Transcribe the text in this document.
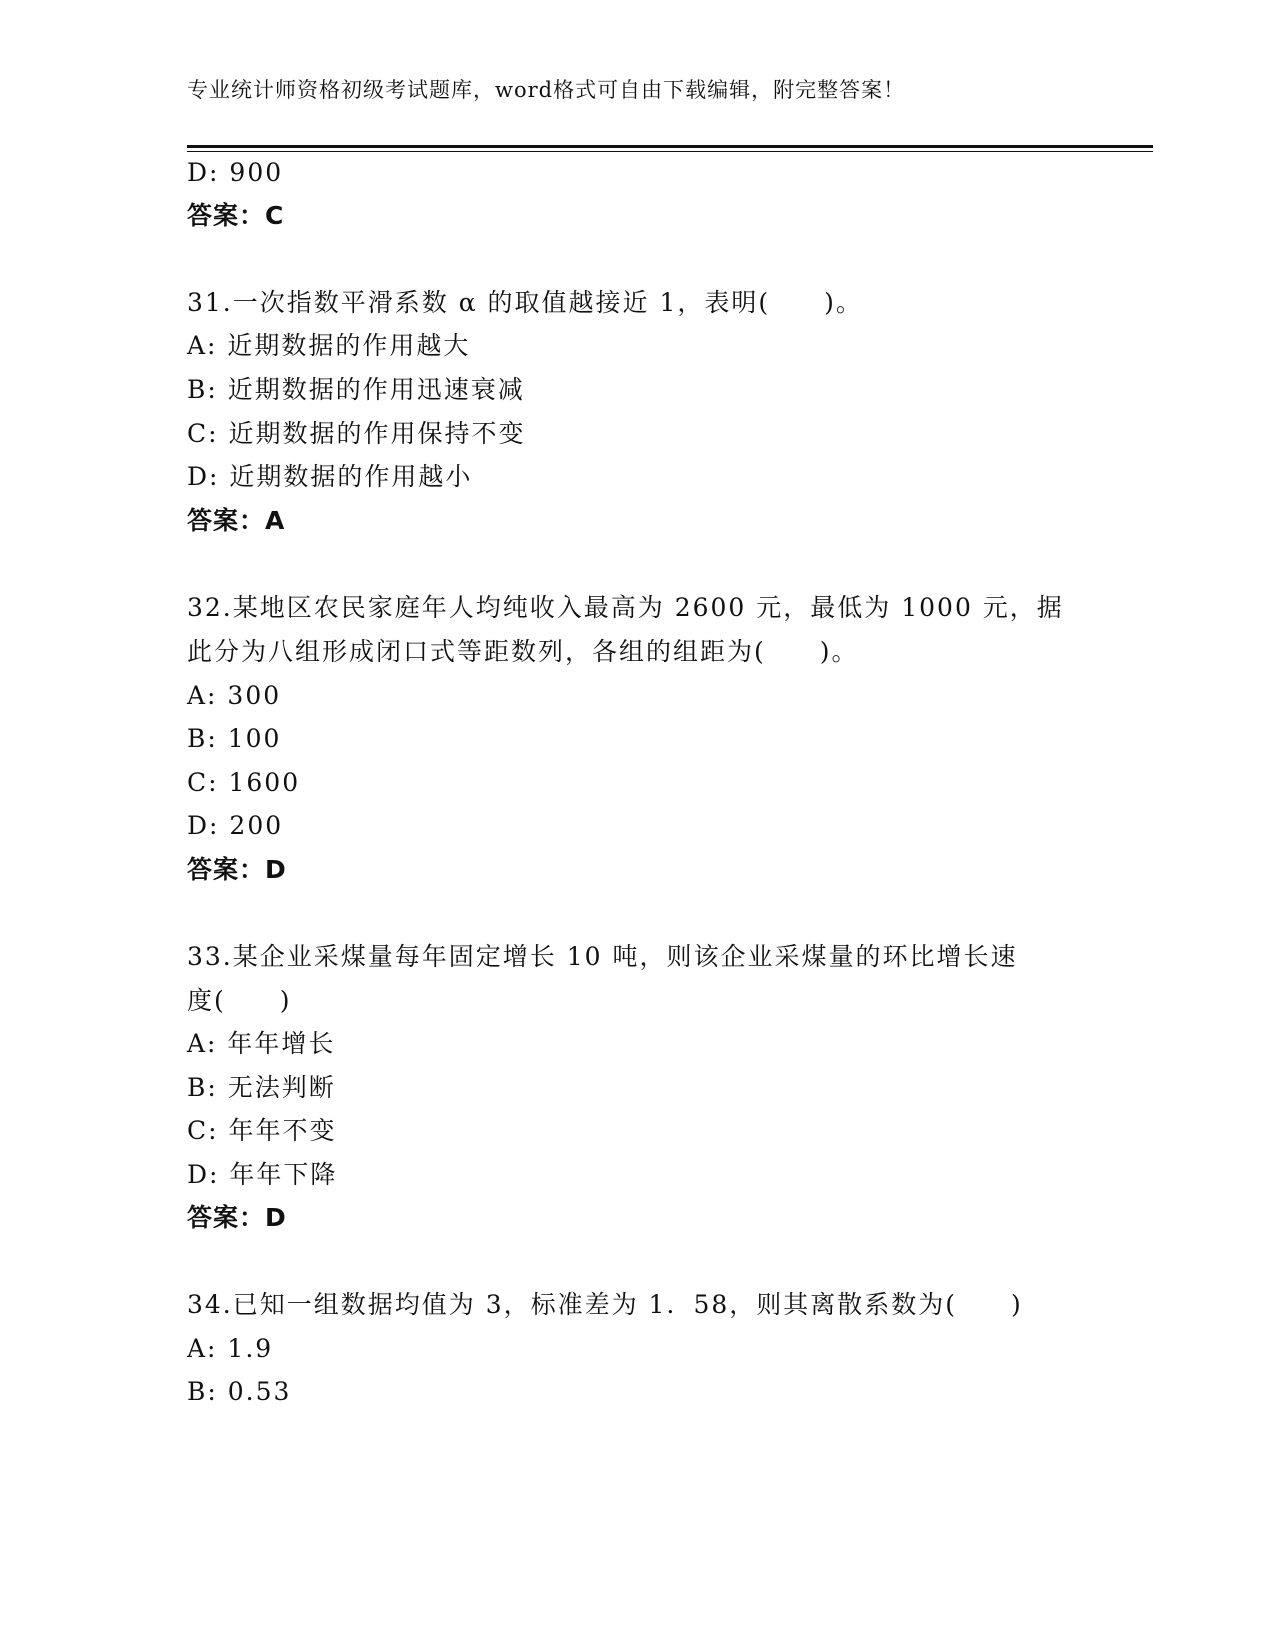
专业统计师资格初级考试题库，word格式可自由下载编辑，附完整答案！
D: 900
答案：C
31.一次指数平滑系数 α 的取值越接近 1，表明(　　)。
A: 近期数据的作用越大
B: 近期数据的作用迅速衰减
C: 近期数据的作用保持不变
D: 近期数据的作用越小
答案：A
32.某地区农民家庭年人均纯收入最高为 2600 元，最低为 1000 元，据
此分为八组形成闭口式等距数列，各组的组距为(　　)。
A: 300
B: 100
C: 1600
D: 200
答案：D
33.某企业采煤量每年固定增长 10 吨，则该企业采煤量的环比增长速
度(　　)
A: 年年增长
B: 无法判断
C: 年年不变
D: 年年下降
答案：D
34.已知一组数据均值为 3，标准差为 1．58，则其离散系数为(　　)
A: 1.9
B: 0.53
